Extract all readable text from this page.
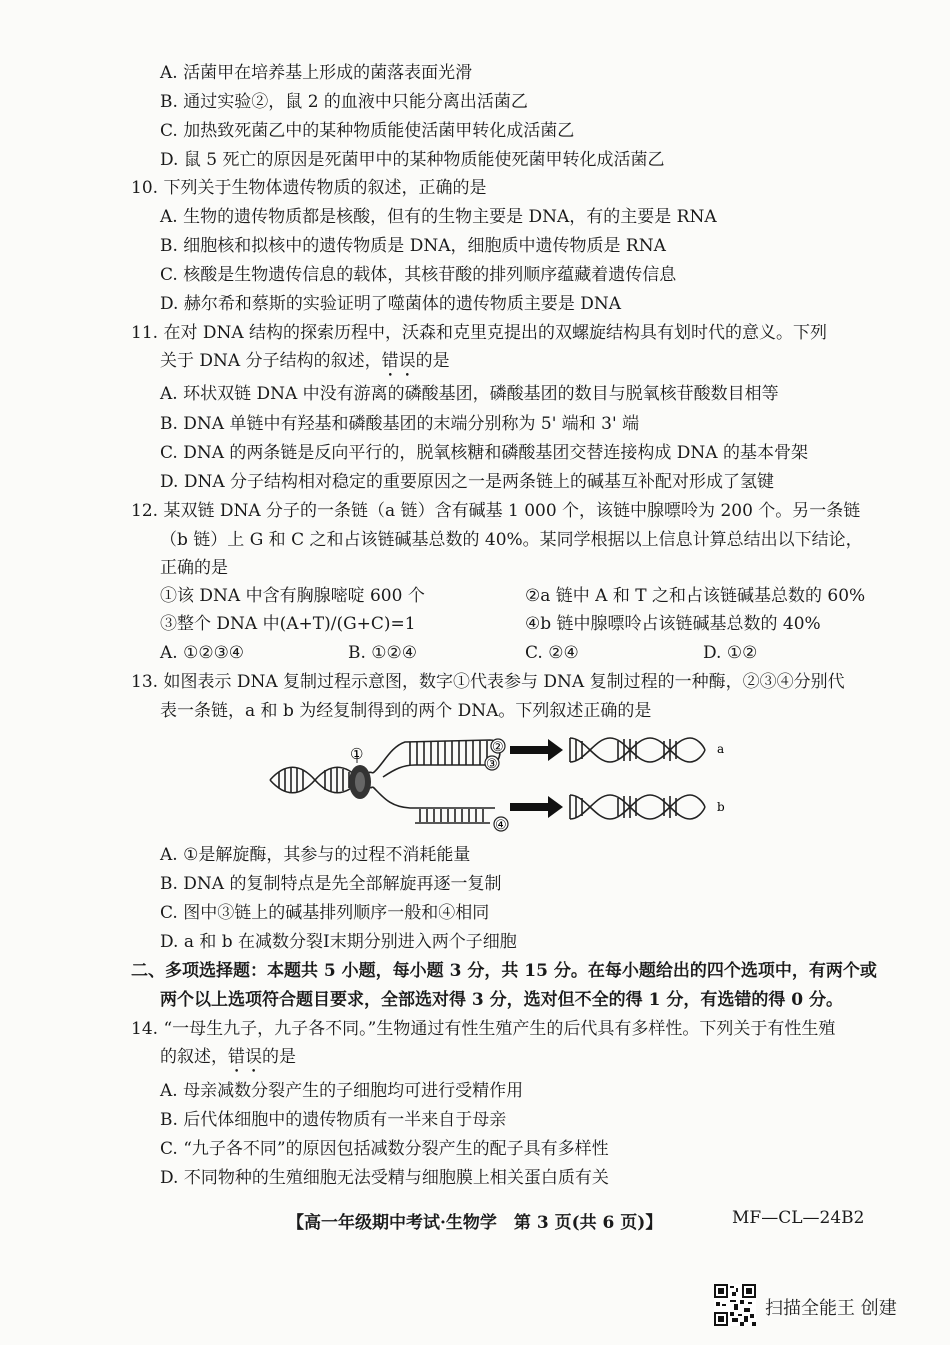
A. 活菌甲在培养基上形成的菌落表面光滑
B. 通过实验②，鼠 2 的血液中只能分离出活菌乙
C. 加热致死菌乙中的某种物质能使活菌甲转化成活菌乙
D. 鼠 5 死亡的原因是死菌甲中的某种物质能使死菌甲转化成活菌乙
10. 下列关于生物体遗传物质的叙述，正确的是
A. 生物的遗传物质都是核酸，但有的生物主要是 DNA，有的主要是 RNA
B. 细胞核和拟核中的遗传物质是 DNA，细胞质中遗传物质是 RNA
C. 核酸是生物遗传信息的载体，其核苷酸的排列顺序蕴藏着遗传信息
D. 赫尔希和蔡斯的实验证明了噬菌体的遗传物质主要是 DNA
11. 在对 DNA 结构的探索历程中，沃森和克里克提出的双螺旋结构具有划时代的意义。下列
关于 DNA 分子结构的叙述，错误的是
A. 环状双链 DNA 中没有游离的磷酸基团，磷酸基团的数目与脱氧核苷酸数目相等
B. DNA 单链中有羟基和磷酸基团的末端分别称为 5' 端和 3' 端
C. DNA 的两条链是反向平行的，脱氧核糖和磷酸基团交替连接构成 DNA 的基本骨架
D. DNA 分子结构相对稳定的重要原因之一是两条链上的碱基互补配对形成了氢键
12. 某双链 DNA 分子的一条链（a 链）含有碱基 1 000 个，该链中腺嘌呤为 200 个。另一条链
（b 链）上 G 和 C 之和占该链碱基总数的 40%。某同学根据以上信息计算总结出以下结论，
正确的是
①该 DNA 中含有胸腺嘧啶 600 个	②a 链中 A 和 T 之和占该链碱基总数的 60%
③整个 DNA 中(A+T)/(G+C)=1	④b 链中腺嘌呤占该链碱基总数的 40%
A. ①②③④	B. ①②④	C. ②④	D. ①②
13. 如图表示 DNA 复制过程示意图，数字①代表参与 DNA 复制过程的一种酶，②③④分别代
表一条链，a 和 b 为经复制得到的两个 DNA。下列叙述正确的是
①	②
③
④
a
b
A. ①是解旋酶，其参与的过程不消耗能量
B. DNA 的复制特点是先全部解旋再逐一复制
C. 图中③链上的碱基排列顺序一般和④相同
D. a 和 b 在减数分裂Ⅰ末期分别进入两个子细胞
二、多项选择题：本题共 5 小题，每小题 3 分，共 15 分。在每小题给出的四个选项中，有两个或
两个以上选项符合题目要求，全部选对得 3 分，选对但不全的得 1 分，有选错的得 0 分。
14. “一母生九子，九子各不同。”生物通过有性生殖产生的后代具有多样性。下列关于有性生殖
的叙述，错误的是
A. 母亲减数分裂产生的子细胞均可进行受精作用
B. 后代体细胞中的遗传物质有一半来自于母亲
C. “九子各不同”的原因包括减数分裂产生的配子具有多样性
D. 不同物种的生殖细胞无法受精与细胞膜上相关蛋白质有关
【高一年级期中考试·生物学　第 3 页(共 6 页)】	MF—CL—24B2
扫描全能王 创建
